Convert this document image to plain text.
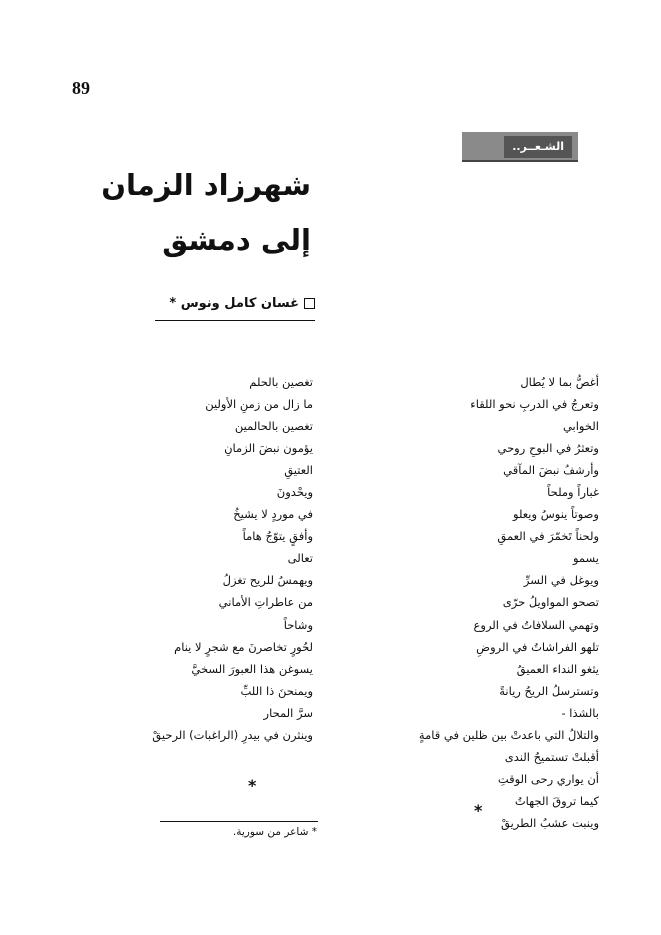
89
الشـعــر..
شهرزاد الزمان
إلى دمشق
غسان كامل ونوس *
أغصُّ بما لا يُطال
وتعرجُ في الدربِ نحو اللقاء
الخوابي
وتعثرُ في البوحِ روحي
وأرشفُ نبضَ المآقي
غباراً وملحاً
وصوتاً ينوسُ ويعلو
ولحناً تَخمّرَ في العمقِ
يسمو
ويوغل في السرِّ
تصحو المواويلُ حرّى
وتهمي السلافاتُ في الروع
تلهو الفراشاتُ في الروضِ
يثغو النداء العميقُ
وتسترسلُ الريحُ ريانةً
بالشذا -
والتلالُ التي باعدتْ بين ظلين في قامةٍ
أقبلتْ تستميحُ الندى
أن يواري رحى الوقتِ
كيما تروقَ الجهاتُ
وينبت عشبُ الطريقْ
تغصين بالحلم
ما زال من زمنِ الأولين
تغصين بالحالمين
يؤمون نبضَ الزمانِ
العتيقِ
ويحْدونَ
في موردٍ لا يشيخُ
وأفقٍ يتوّجُ هاماً
تعالى
ويهمسُ للريح تغزلُ
من عاطراتِ الأماني
وشاحاً
لحُورٍ تخاصرنَ مع شجرٍ لا ينام
يسوغن هذا العبورَ السخيَّ
ويمنحنَ ذا اللبِّ
سرَّ المحار
وينثرن في بيدرِ (الراغبات) الرحيقْ
*
*
* شاعر من سورية.
